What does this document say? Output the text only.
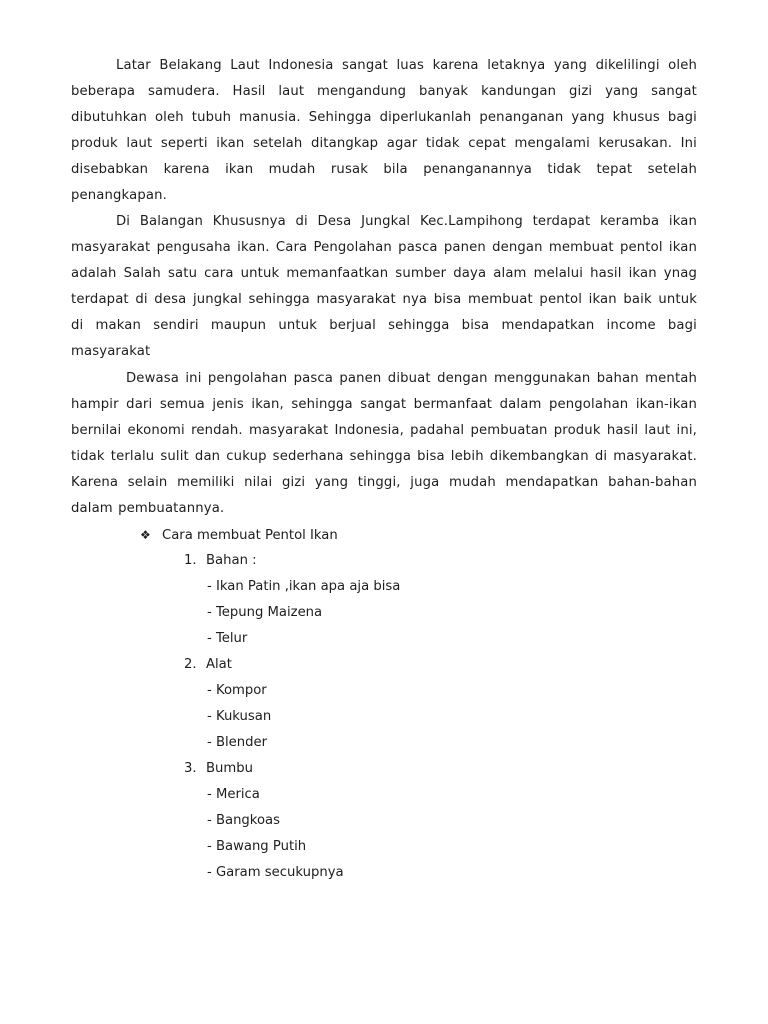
Latar Belakang Laut Indonesia sangat luas karena letaknya yang dikelilingi oleh beberapa samudera. Hasil laut mengandung banyak kandungan gizi yang sangat dibutuhkan oleh tubuh manusia. Sehingga diperlukanlah penanganan yang khusus bagi produk laut seperti ikan setelah ditangkap agar tidak cepat mengalami kerusakan. Ini disebabkan karena ikan mudah rusak bila penanganannya tidak tepat setelah penangkapan.

Di Balangan Khususnya di Desa Jungkal Kec.Lampihong terdapat keramba ikan masyarakat pengusaha ikan. Cara Pengolahan pasca panen dengan membuat pentol ikan adalah Salah satu cara untuk memanfaatkan sumber daya alam melalui hasil ikan ynag terdapat di desa jungkal sehingga masyarakat nya bisa membuat pentol ikan baik untuk di makan sendiri maupun untuk berjual sehingga bisa mendapatkan income bagi masyarakat

Dewasa ini pengolahan pasca panen dibuat dengan menggunakan bahan mentah hampir dari semua jenis ikan, sehingga sangat bermanfaat dalam pengolahan ikan-ikan bernilai ekonomi rendah. masyarakat Indonesia, padahal pembuatan produk hasil laut ini, tidak terlalu sulit dan cukup sederhana sehingga bisa lebih dikembangkan di masyarakat. Karena selain memiliki nilai gizi yang tinggi, juga mudah mendapatkan bahan-bahan dalam pembuatannya.

❖ Cara membuat Pentol Ikan
1. Bahan :
- Ikan Patin ,ikan apa aja bisa
- Tepung Maizena
- Telur
2. Alat
- Kompor
- Kukusan
- Blender
3. Bumbu
- Merica
- Bangkoas
- Bawang Putih
- Garam secukupnya
